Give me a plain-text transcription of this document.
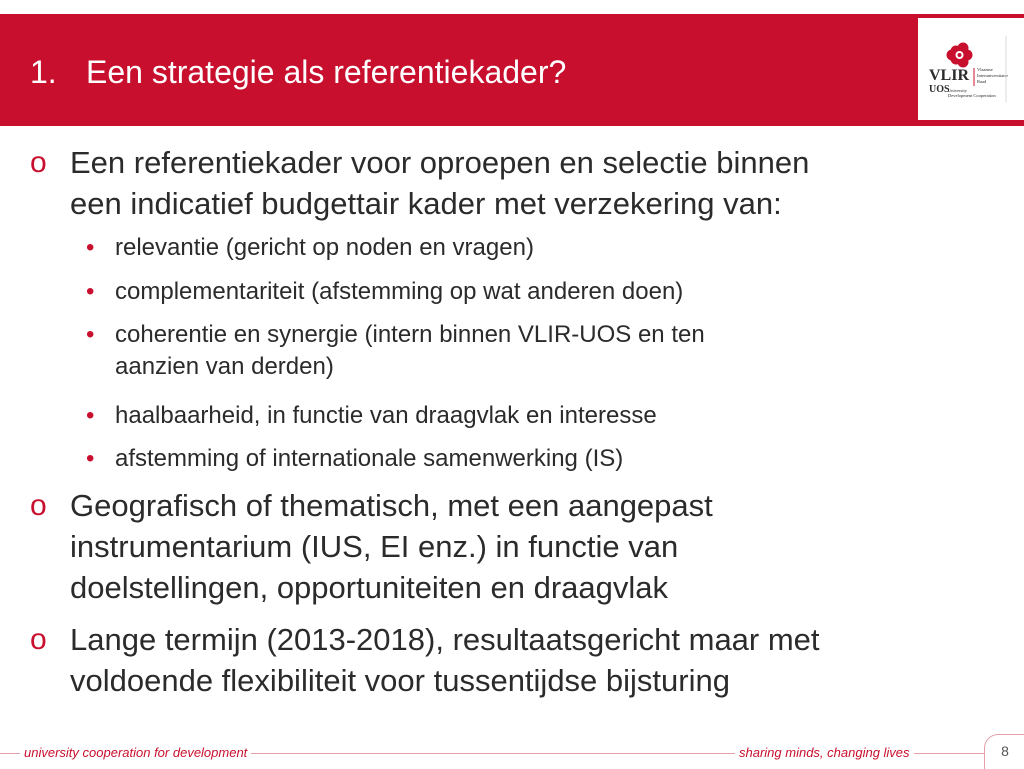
1. Een strategie als referentiekader?	VLIR
UOS
Vlaamse
Interuniversitaire
Raad
University
Development Cooperation
o Een referentiekader voor oproepen en selectie binnen
een indicatief budgettair kader met verzekering van:
• relevantie (gericht op noden en vragen)
• complementariteit (afstemming op wat anderen doen)
• coherentie en synergie (intern binnen VLIR-UOS en ten
aanzien van derden)
• haalbaarheid, in functie van draagvlak en interesse
• afstemming of internationale samenwerking (IS)
o Geografisch of thematisch, met een aangepast
instrumentarium (IUS, EI enz.) in functie van
doelstellingen, opportuniteiten en draagvlak
o Lange termijn (2013-2018), resultaatsgericht maar met
voldoende flexibiliteit voor tussentijdse bijsturing
university cooperation for development	sharing minds, changing lives	8
